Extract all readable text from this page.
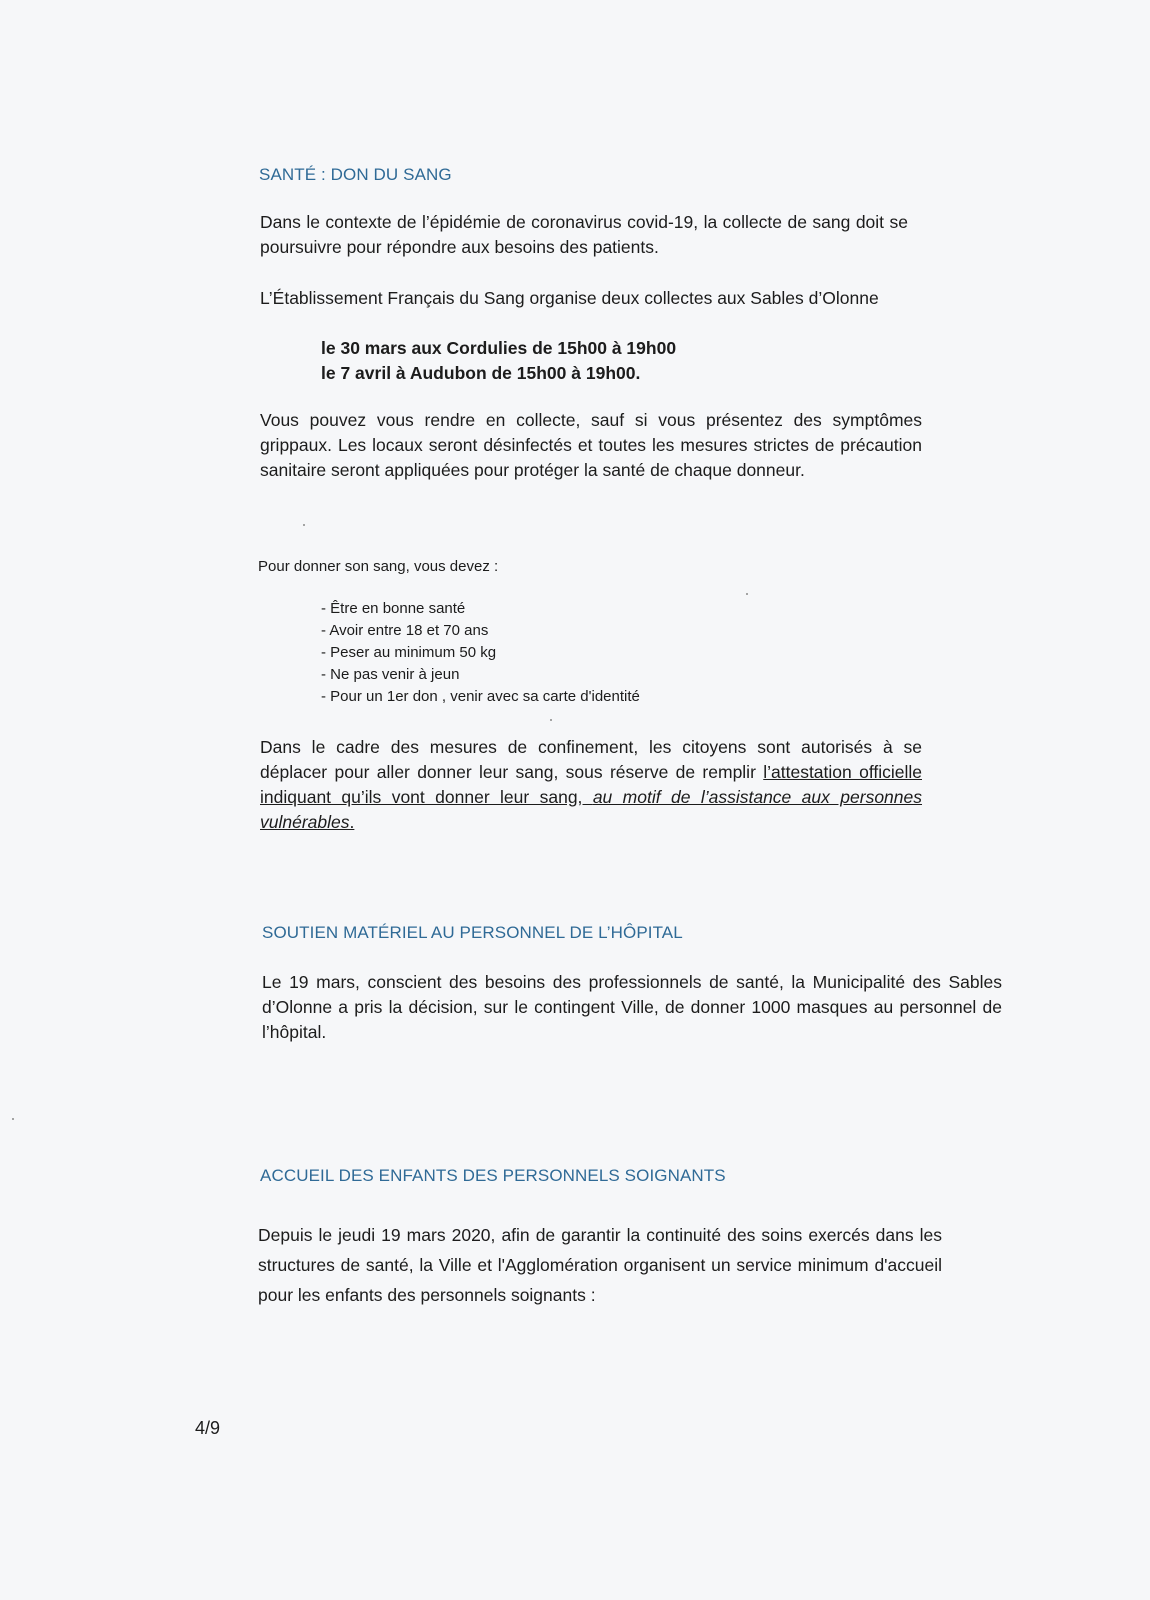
SANTÉ : DON DU SANG

Dans le contexte de l’épidémie de coronavirus covid-19, la collecte de sang doit se poursuivre pour répondre aux besoins des patients.

L’Établissement Français du Sang organise deux collectes aux Sables d’Olonne

le 30 mars aux Cordulies de 15h00 à 19h00
le 7 avril à Audubon de 15h00 à 19h00.

Vous pouvez vous rendre en collecte, sauf si vous présentez des symptômes grippaux. Les locaux seront désinfectés et toutes les mesures strictes de précaution sanitaire seront appliquées pour protéger la santé de chaque donneur.

Pour donner son sang, vous devez :

- Être en bonne santé
- Avoir entre 18 et 70 ans
- Peser au minimum 50 kg
- Ne pas venir à jeun
- Pour un 1er don , venir avec sa carte d'identité

Dans le cadre des mesures de confinement, les citoyens sont autorisés à se déplacer pour aller donner leur sang, sous réserve de remplir l’attestation officielle indiquant qu’ils vont donner leur sang, au motif de l’assistance aux personnes vulnérables.

SOUTIEN MATÉRIEL AU PERSONNEL DE L’HÔPITAL

Le 19 mars, conscient des besoins des professionnels de santé, la Municipalité des Sables d’Olonne a pris la décision, sur le contingent Ville, de donner 1000 masques au personnel de l’hôpital.

ACCUEIL DES ENFANTS DES PERSONNELS SOIGNANTS

Depuis le jeudi 19 mars 2020, afin de garantir la continuité des soins exercés dans les structures de santé, la Ville et l'Agglomération organisent un service minimum d'accueil pour les enfants des personnels soignants :

4/9
